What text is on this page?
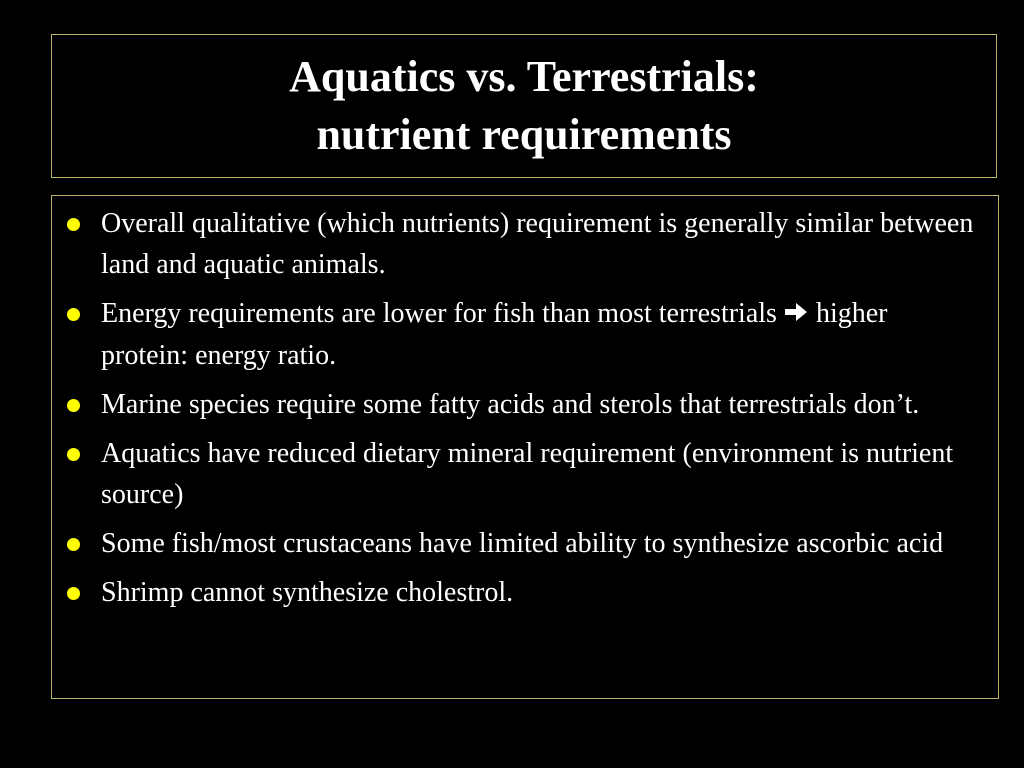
Aquatics vs. Terrestrials:
nutrient requirements
Overall qualitative (which nutrients) requirement is generally similar between land and aquatic animals.
Energy requirements are lower for fish than most terrestrials higher protein: energy ratio.
Marine species require some fatty acids and sterols that terrestrials don’t.
Aquatics have reduced dietary mineral requirement (environment is nutrient source)
Some fish/most crustaceans have limited ability to synthesize ascorbic acid
Shrimp cannot synthesize cholestrol.
